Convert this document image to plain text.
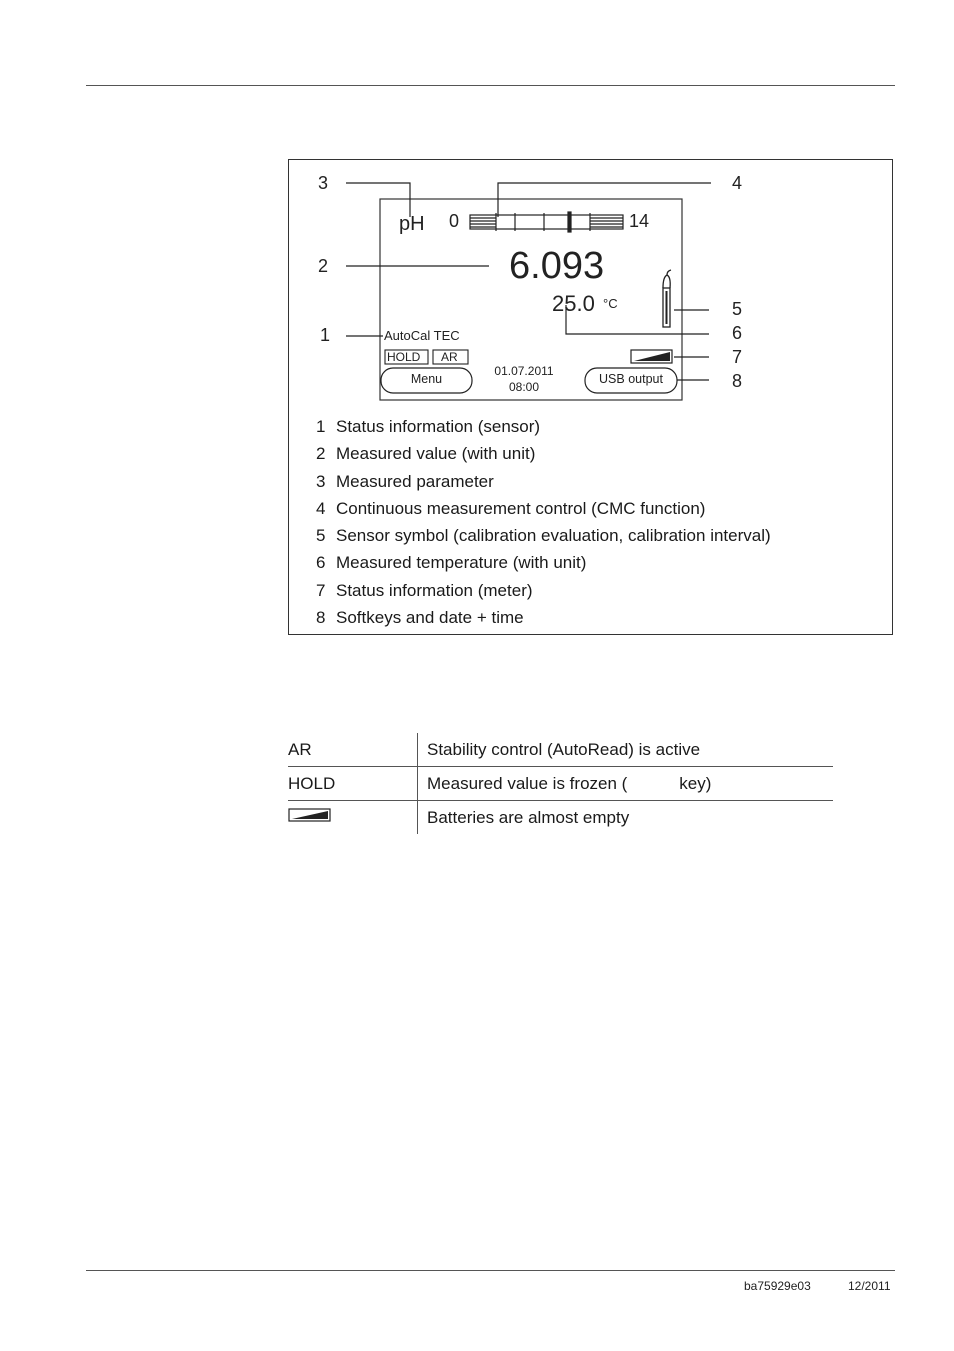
3	4
2
1
5
6
7
8
pH 0	14
6.093
25.0 °C
AutoCal TEC
HOLD AR
Menu	USB output
01.07.2011
08:00
1 Status information (sensor)
2 Measured value (with unit)
3 Measured parameter
4 Continuous measurement control (CMC function)
5 Sensor symbol (calibration evaluation, calibration interval)
6 Measured temperature (with unit)
7 Status information (meter)
8 Softkeys and date + time
AR	Stability control (AutoRead) is active
HOLD	Measured value is frozen (           key)
	Batteries are almost empty
ba75929e03	12/2011
